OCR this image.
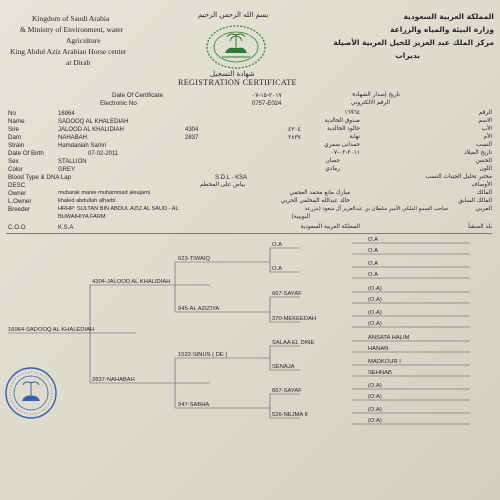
Kingdom of Saudi Arabia
& Ministry of Environment, water
Agriculture
King Abdul Aziz Arabian Horse center
at Dirab
بسم الله الرحمن الرحيم	المملكة العربية السعودية
وزارة البيئة والمياه والزراعة
مركز الملك عبد العزيز للخيل العربية الأصيلة
بديراب
شهادة التسجيل
REGISTRATION CERTIFICATE
Date Of Certificate	٢٠١٧-١٥-٠٧	تاريخ إصدار الشهادة
Electronic No	0757-E024	الرقم الالكتروني
No	16964	١٦٩٦٤	الرقم
Name	SADOOQ AL KHALEDIAH	صدوق الخالدية	الاسم
Sire	JALOOD AL KHALIDIAH	4304	٤٣٠٤	جالود الخالدية	الأب
Dam	NAHABAH	2837	٢٨٣٧	نهابة	الأم
Strain	Hamdaniah Samri	حمدانى سمري	النسب
Date Of Birth	07-02-2011	٢٠١١-٠٢-٠٧	تاريخ الميلاد
Sex	STALLION	حصان	الجنس
Color	GREY	رمادي	اللون
Blood Type & DNA Lap	S.D.L - KSA	مختبر تحليل الجينات النسب
DESC	بياض على المخطم	الأوصاف
Owner	mubarak manie muhammad aleajami	مبارك مانع محمد العجمي	المالك
L.Owner	khaled abdullah alharbi	خالد عبدالله المخلفي الحربي	المالك السابق
Breeder	HRHP: SULTAN BIN ABDUL AZIZ AL SAUD - AL
BUWAIHIYA FARM
صاحب السمو الملكي الأمير سلطان بن عبدالعزيز آل سعود (مزرعة
البويبية)
المربي
C.O.O	K.S.A	المملكة العربية السعودية	بلد المنشأ
16964-SADOOQ AL KHALEDIAH
4304-JALOOD AL KHALIDIAH
2837-NAHABAH
623-TIWAIQ
945-AL AZIZIYA
1522-SINUS ( DE )
947-SABHA
O.A
O.A
667-SAYAF
370-MEKEEDAH
SALAA EL DINE
SENAJA
667-SAYAF
526-NEJMA II
O.A
O.A
O.A
O.A
(O.A)
(O.A)
(O.A)
(O.A)
ANSATA HALIM
HANAN
MADKOUR I
SEHNAB
(O.A)
(O.A)
(O.A)
(O.A)
